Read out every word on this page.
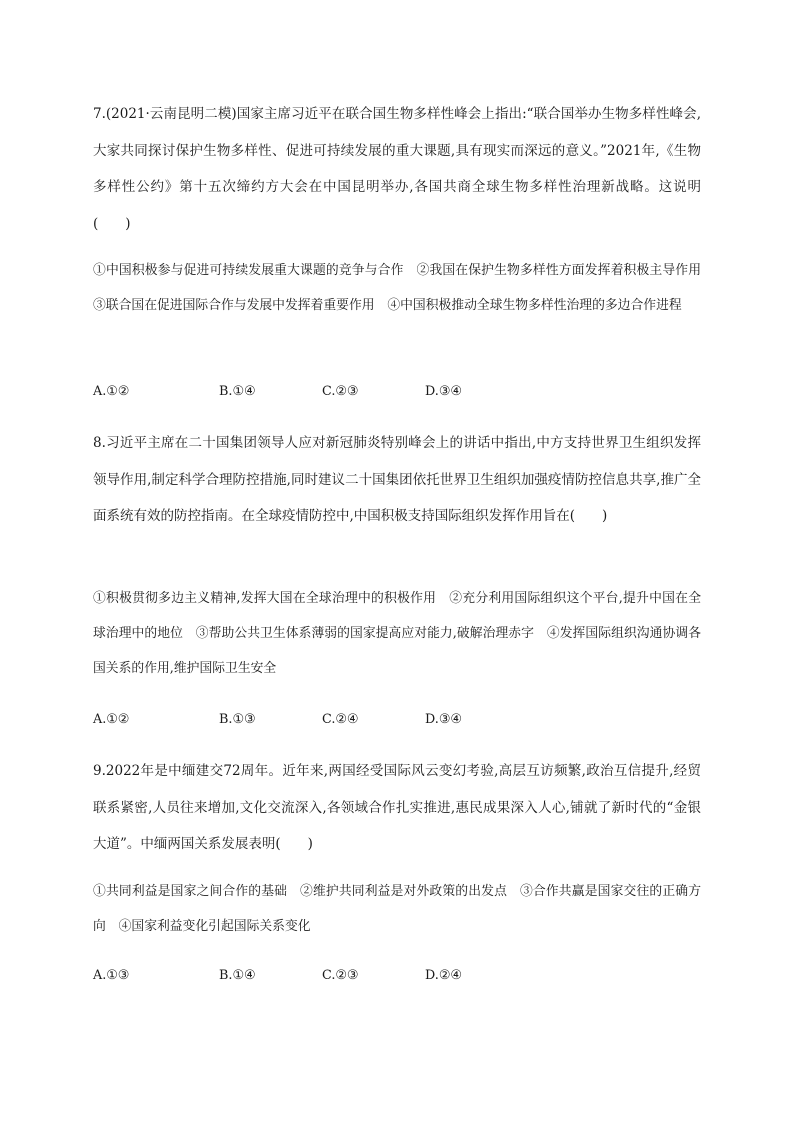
7.(2021·云南昆明二模)国家主席习近平在联合国生物多样性峰会上指出:“联合国举办生物多样性峰会,大家共同探讨保护生物多样性、促进可持续发展的重大课题,具有现实而深远的意义。”2021年,《生物多样性公约》第十五次缔约方大会在中国昆明举办,各国共商全球生物多样性治理新战略。这说明(　　)

①中国积极参与促进可持续发展重大课题的竞争与合作　②我国在保护生物多样性方面发挥着积极主导作用　③联合国在促进国际合作与发展中发挥着重要作用　④中国积极推动全球生物多样性治理的多边合作进程

A.①②	B.①④	C.②③	D.③④

8.习近平主席在二十国集团领导人应对新冠肺炎特别峰会上的讲话中指出,中方支持世界卫生组织发挥领导作用,制定科学合理防控措施,同时建议二十国集团依托世界卫生组织加强疫情防控信息共享,推广全面系统有效的防控指南。在全球疫情防控中,中国积极支持国际组织发挥作用旨在(　　)

①积极贯彻多边主义精神,发挥大国在全球治理中的积极作用　②充分利用国际组织这个平台,提升中国在全球治理中的地位　③帮助公共卫生体系薄弱的国家提高应对能力,破解治理赤字　④发挥国际组织沟通协调各国关系的作用,维护国际卫生安全

A.①②	B.①③	C.②④	D.③④

9.2022年是中缅建交72周年。近年来,两国经受国际风云变幻考验,高层互访频繁,政治互信提升,经贸联系紧密,人员往来增加,文化交流深入,各领域合作扎实推进,惠民成果深入人心,铺就了新时代的“金银大道”。中缅两国关系发展表明(　　)

①共同利益是国家之间合作的基础　②维护共同利益是对外政策的出发点　③合作共赢是国家交往的正确方向　④国家利益变化引起国际关系变化

A.①③	B.①④	C.②③	D.②④
